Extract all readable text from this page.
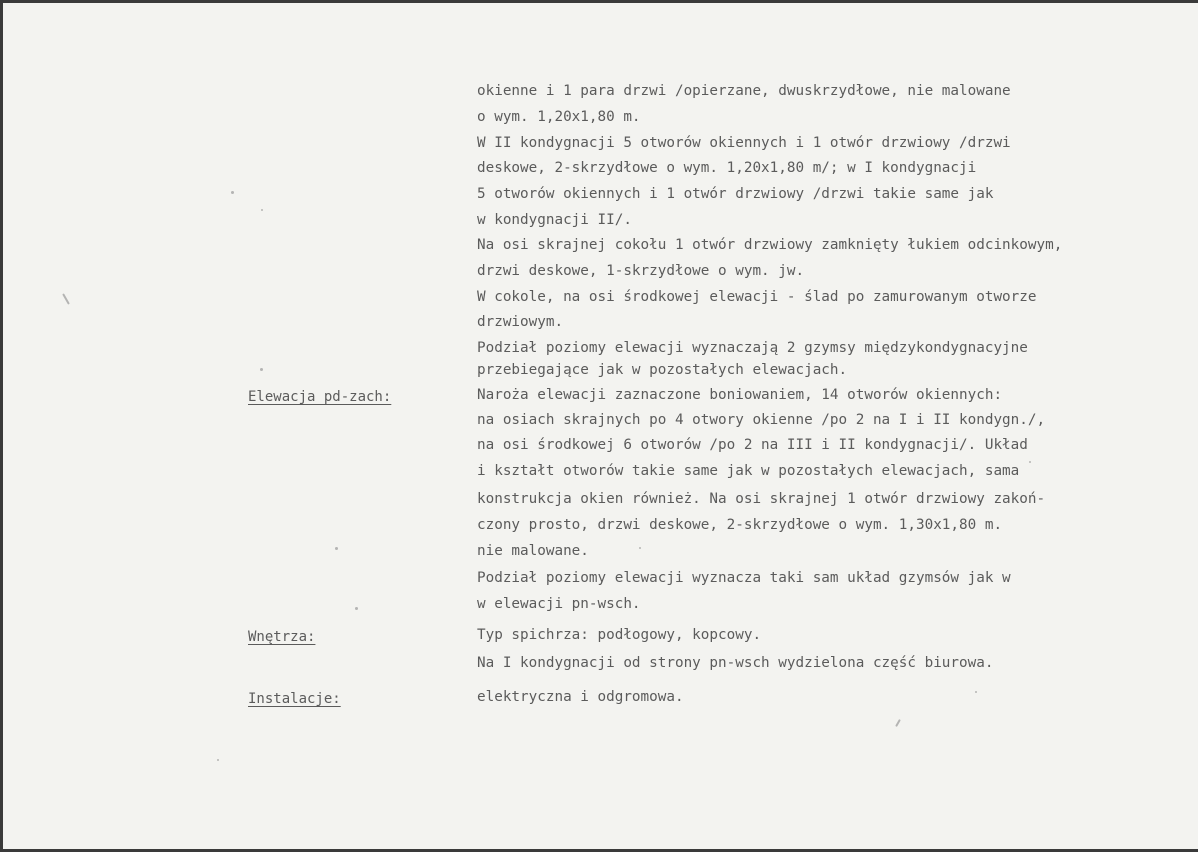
okienne i 1 para drzwi /opierzane, dwuskrzydłowe, nie malowane
o wym. 1,20x1,80 m.
W II kondygnacji 5 otworów okiennych i 1 otwór drzwiowy /drzwi
deskowe, 2-skrzydłowe o wym. 1,20x1,80 m/; w I kondygnacji
5 otworów okiennych i 1 otwór drzwiowy /drzwi takie same jak
w kondygnacji II/.
Na osi skrajnej cokołu 1 otwór drzwiowy zamknięty łukiem odcinkowym,
drzwi deskowe, 1-skrzydłowe o wym. jw.
W cokole, na osi środkowej elewacji - ślad po zamurowanym otworze
drzwiowym.
Podział poziomy elewacji wyznaczają 2 gzymsy międzykondygnacyjne
przebiegające jak w pozostałych elewacjach.
Elewacja pd-zach:	Naroża elewacji zaznaczone boniowaniem, 14 otworów okiennych:
na osiach skrajnych po 4 otwory okienne /po 2 na I i II kondygn./,
na osi środkowej 6 otworów /po 2 na III i II kondygnacji/. Układ
i kształt otworów takie same jak w pozostałych elewacjach, sama
konstrukcja okien również. Na osi skrajnej 1 otwór drzwiowy zakoń-
czony prosto, drzwi deskowe, 2-skrzydłowe o wym. 1,30x1,80 m.
nie malowane.
Podział poziomy elewacji wyznacza taki sam układ gzymsów jak w
w elewacji pn-wsch.
Wnętrza:	Typ spichrza: podłogowy, kopcowy.
Na I kondygnacji od strony pn-wsch wydzielona część biurowa.
Instalacje:	elektryczna i odgromowa.
